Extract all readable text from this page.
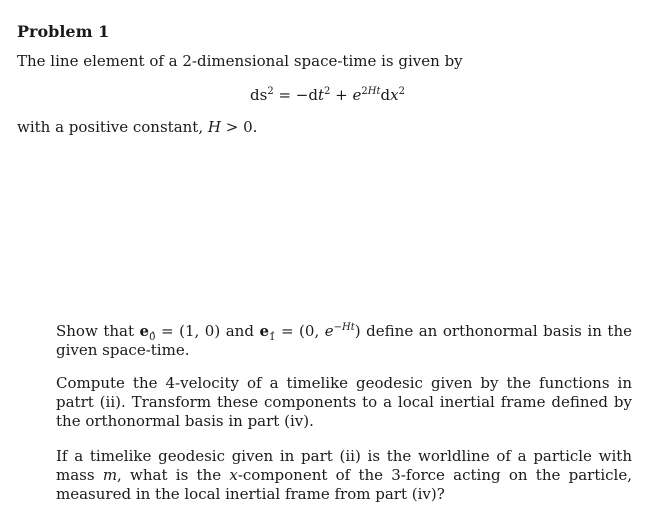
Problem 1
The line element of a 2-dimensional space-time is given by
$ds^2 = -dt^2 + e^{2Ht}dx^2$
with a positive constant, H > 0.
Show that $e_{0̂} = (1$, 0) and $e_{1̂} = (0$, $e^{-Ht}$) define an orthonormal basis in the given space-time.
Compute the 4-velocity of a timelike geodesic given by the functions in patrt (ii). Transform these components to a local inertial frame defined by the orthonormal basis in part (iv).
If a timelike geodesic given in part (ii) is the worldline of a particle with mass m, what is the x-component of the 3-force acting on the particle, measured in the local inertial frame from part (iv)?
